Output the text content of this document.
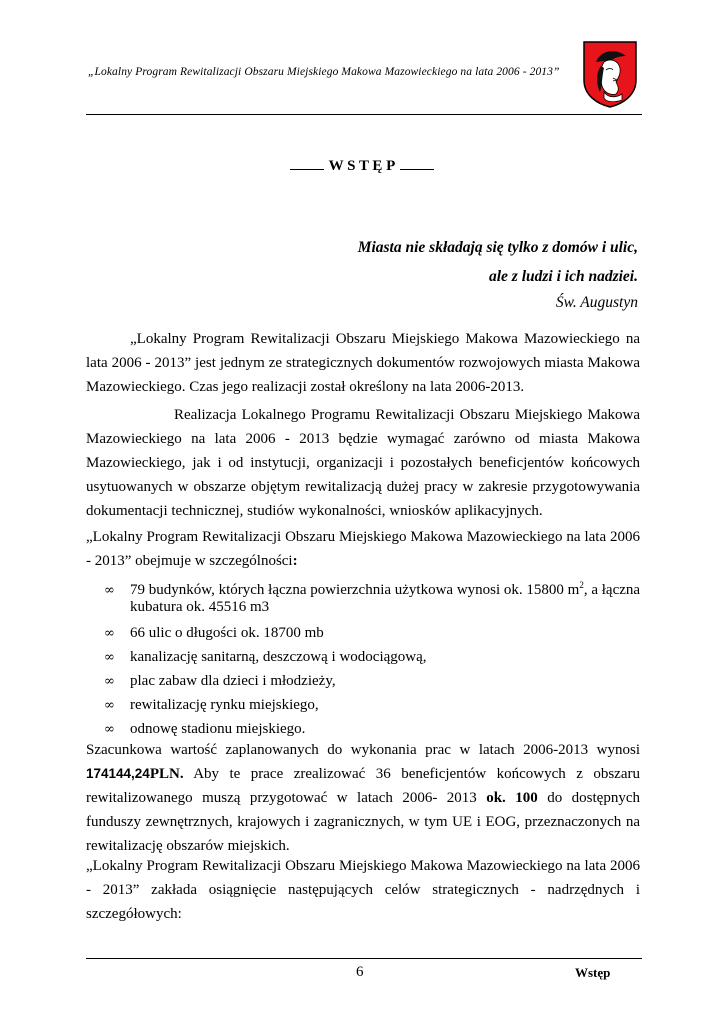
„Lokalny Program Rewitalizacji Obszaru Miejskiego Makowa Mazowieckiego na lata 2006 - 2013”
W S T Ę P
Miasta nie składają się tylko z domów i ulic,
ale z ludzi i ich nadziei.
Św. Augustyn
„Lokalny Program Rewitalizacji Obszaru Miejskiego Makowa Mazowieckiego na lata 2006 - 2013” jest jednym ze strategicznych dokumentów rozwojowych miasta Makowa Mazowieckiego. Czas jego realizacji został określony na lata 2006-2013.
Realizacja Lokalnego Programu Rewitalizacji Obszaru Miejskiego Makowa Mazowieckiego na lata 2006 - 2013 będzie wymagać zarówno od miasta Makowa Mazowieckiego, jak i od instytucji, organizacji i pozostałych beneficjentów końcowych usytuowanych w obszarze objętym rewitalizacją dużej pracy w zakresie przygotowywania dokumentacji technicznej, studiów wykonalności, wniosków aplikacyjnych.
„Lokalny Program Rewitalizacji Obszaru Miejskiego Makowa Mazowieckiego na lata 2006 - 2013” obejmuje w szczególności:
∞ 79 budynków, których łączna powierzchnia użytkowa wynosi ok. 15800 $m^2$, a łączna kubatura ok. 45516 m3
∞ 66 ulic o długości ok. 18700 mb
∞ kanalizację sanitarną, deszczową i wodociągową,
∞ plac zabaw dla dzieci i młodzieży,
∞ rewitalizację rynku miejskiego,
∞ odnowę stadionu miejskiego.
Szacunkowa wartość zaplanowanych do wykonania prac w latach 2006-2013 wynosi 174144,24PLN. Aby te prace zrealizować 36 beneficjentów końcowych z obszaru rewitalizowanego muszą przygotować w latach 2006- 2013 ok. 100 do dostępnych funduszy zewnętrznych, krajowych i zagranicznych, w tym UE i EOG, przeznaczonych na rewitalizację obszarów miejskich.
„Lokalny Program Rewitalizacji Obszaru Miejskiego Makowa Mazowieckiego na lata 2006 - 2013” zakłada osiągnięcie następujących celów strategicznych - nadrzędnych i szczegółowych:
6	Wstęp
